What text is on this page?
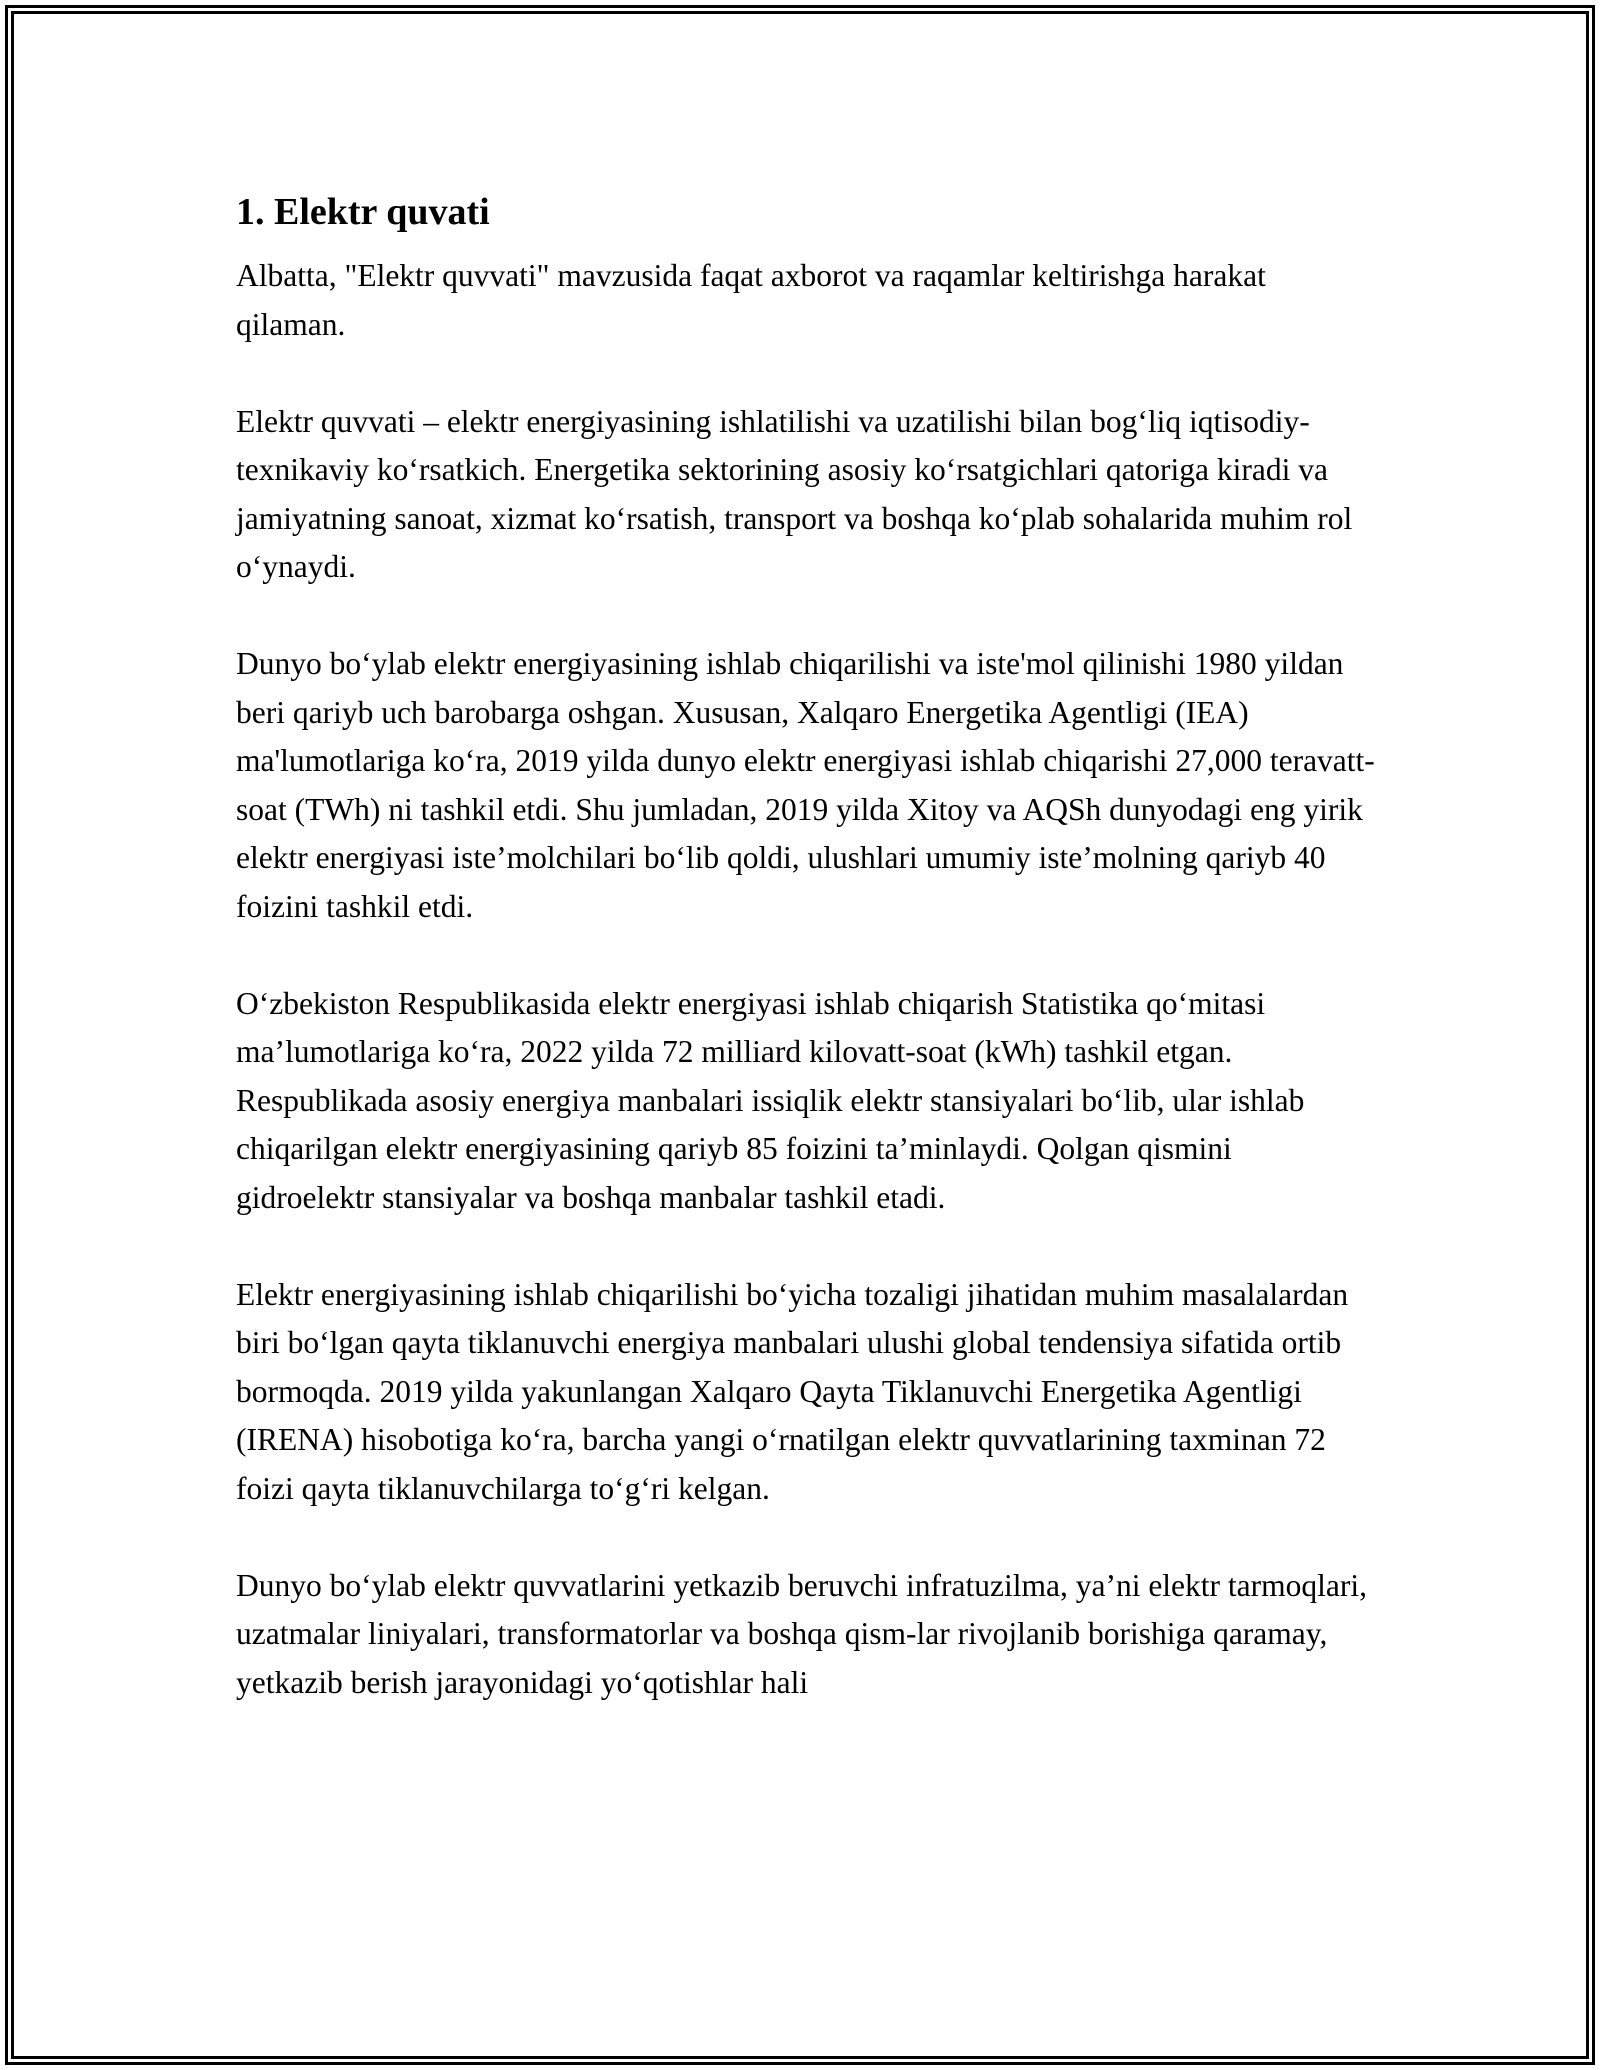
1. Elektr quvati

Albatta, "Elektr quvvati" mavzusida faqat axborot va raqamlar keltirishga harakat qilaman.

Elektr quvvati – elektr energiyasining ishlatilishi va uzatilishi bilan bog‘liq iqtisodiy-texnikaviy ko‘rsatkich. Energetika sektorining asosiy ko‘rsatgichlari qatoriga kiradi va jamiyatning sanoat, xizmat ko‘rsatish, transport va boshqa ko‘plab sohalarida muhim rol o‘ynaydi.

Dunyo bo‘ylab elektr energiyasining ishlab chiqarilishi va iste'mol qilinishi 1980 yildan beri qariyb uch barobarga oshgan. Xususan, Xalqaro Energetika Agentligi (IEA) ma'lumotlariga ko‘ra, 2019 yilda dunyo elektr energiyasi ishlab chiqarishi 27,000 teravatt-soat (TWh) ni tashkil etdi. Shu jumladan, 2019 yilda Xitoy va AQSh dunyodagi eng yirik elektr energiyasi iste’molchilari bo‘lib qoldi, ulushlari umumiy iste’molning qariyb 40 foizini tashkil etdi.

O‘zbekiston Respublikasida elektr energiyasi ishlab chiqarish Statistika qo‘mitasi ma’lumotlariga ko‘ra, 2022 yilda 72 milliard kilovatt-soat (kWh) tashkil etgan. Respublikada asosiy energiya manbalari issiqlik elektr stansiyalari bo‘lib, ular ishlab chiqarilgan elektr energiyasining qariyb 85 foizini ta’minlaydi. Qolgan qismini gidroelektr stansiyalar va boshqa manbalar tashkil etadi.

Elektr energiyasining ishlab chiqarilishi bo‘yicha tozaligi jihatidan muhim masalalardan biri bo‘lgan qayta tiklanuvchi energiya manbalari ulushi global tendensiya sifatida ortib bormoqda. 2019 yilda yakunlangan Xalqaro Qayta Tiklanuvchi Energetika Agentligi (IRENA) hisobotiga ko‘ra, barcha yangi o‘rnatilgan elektr quvvatlarining taxminan 72 foizi qayta tiklanuvchilarga to‘g‘ri kelgan.

Dunyo bo‘ylab elektr quvvatlarini yetkazib beruvchi infratuzilma, ya’ni elektr tarmoqlari, uzatmalar liniyalari, transformatorlar va boshqa qism-lar rivojlanib borishiga qaramay, yetkazib berish jarayonidagi yo‘qotishlar hali
